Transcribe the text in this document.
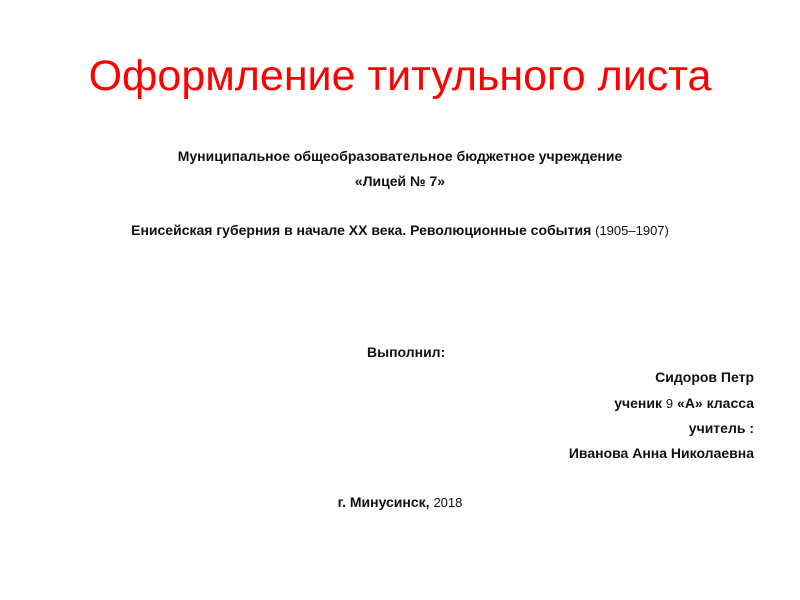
Оформление титульного листа
Муниципальное общеобразовательное бюджетное учреждение
«Лицей № 7»
Енисейская губерния в начале XX века. Революционные события (1905–1907)
Выполнил:
Сидоров Петр
ученик 9 «А» класса
учитель :
Иванова Анна Николаевна
г. Минусинск, 2018
